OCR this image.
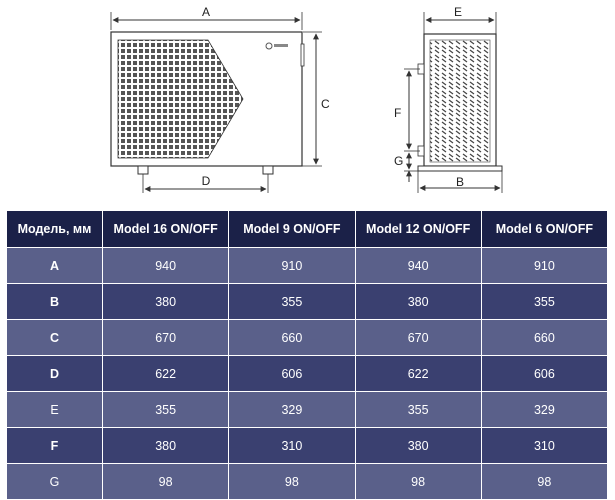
A
C
D
E
F
G
B
Модель, мм	Model 16 ON/OFF	Model 9 ON/OFF	Model 12 ON/OFF	Model 6 ON/OFF
A	940	910	940	910
B	380	355	380	355
C	670	660	670	660
D	622	606	622	606
E	355	329	355	329
F	380	310	380	310
G	98	98	98	98
